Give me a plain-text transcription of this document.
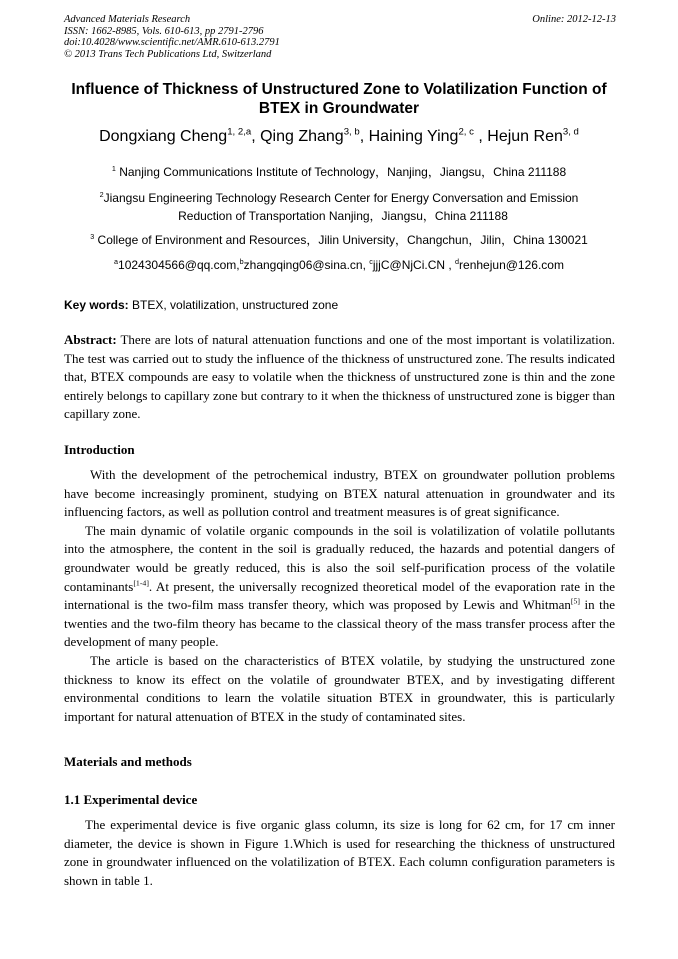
Advanced Materials Research
ISSN: 1662-8985, Vols. 610-613, pp 2791-2796
doi:10.4028/www.scientific.net/AMR.610-613.2791
© 2013 Trans Tech Publications Ltd, Switzerland
Online: 2012-12-13
Influence of Thickness of Unstructured Zone to Volatilization Function of BTEX in Groundwater
Dongxiang Cheng$^{1, 2,a}$, Qing Zhang$^{3, b}$, Haining Ying$^{2, c}$ , Hejun Ren$^{3, d}$
$^1$ Nanjing Communications Institute of Technology，Nanjing，Jiangsu，China 211188
$^2$Jiangsu Engineering Technology Research Center for Energy Conversation and Emission
Reduction of Transportation Nanjing，Jiangsu，China 211188
$^3$ College of Environment and Resources，Jilin University，Changchun，Jilin，China 130021
$^a$1024304566@qq.com,$^b$zhangqing06@sina.cn, $^c$jjjC@NjCi.CN , $^d$renhejun@126.com
Key words: BTEX, volatilization, unstructured zone

Abstract: There are lots of natural attenuation functions and one of the most important is volatilization. The test was carried out to study the influence of the thickness of unstructured zone. The results indicated that, BTEX compounds are easy to volatile when the thickness of unstructured zone is thin and the zone entirely belongs to capillary zone but contrary to it when the thickness of unstructured zone is bigger than capillary zone.

Introduction

With the development of the petrochemical industry, BTEX on groundwater pollution problems have become increasingly prominent, studying on BTEX natural attenuation in groundwater and its influencing factors, as well as pollution control and treatment measures is of great significance.

The main dynamic of volatile organic compounds in the soil is volatilization of volatile pollutants into the atmosphere, the content in the soil is gradually reduced, the hazards and potential dangers of groundwater would be greatly reduced, this is also the soil self-purification process of the volatile contaminants[1-4]. At present, the universally recognized theoretical model of the evaporation rate in the international is the two-film mass transfer theory, which was proposed by Lewis and Whitman[5] in the twenties and the two-film theory has became to the classical theory of the mass transfer process after the development of many people.

The article is based on the characteristics of BTEX volatile, by studying the unstructured zone thickness to know its effect on the volatile of groundwater BTEX, and by investigating different environmental conditions to learn the volatile situation BTEX in groundwater, this is particularly important for natural attenuation of BTEX in the study of contaminated sites.

Materials and methods
1.1 Experimental device

The experimental device is five organic glass column, its size is long for 62 cm, for 17 cm inner diameter, the device is shown in Figure 1.Which is used for researching the thickness of unstructured zone in groundwater influenced on the volatilization of BTEX. Each column configuration parameters is shown in table 1.
